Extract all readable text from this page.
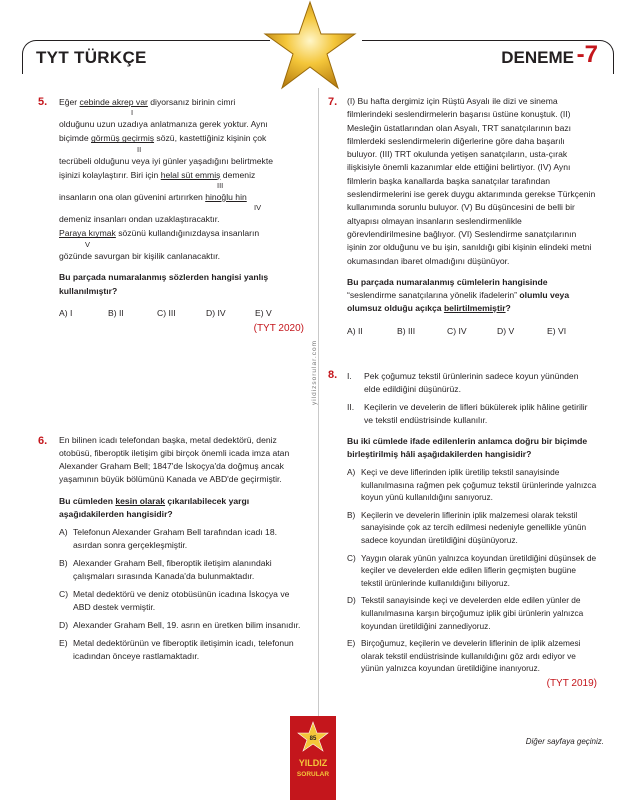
TYT TÜRKÇE	DENEME -7
yildizsorular.com
5. Eğer cebinde akrep var diyorsanız birinin cimri
I
olduğunu uzun uzadıya anlatmanıza gerek yoktur. Aynı
biçimde görmüş geçirmiş sözü, kastettiğiniz kişinin çok
II
tecrübeli olduğunu veya iyi günler yaşadığını belirtmekte
işinizi kolaylaştırır. Biri için helal süt emmiş demeniz
III
insanların ona olan güvenini artırırken hinoğlu hin
IV
demeniz insanları ondan uzaklaştıracaktır.
Paraya kıymak sözünü kullandığınızdaysa insanların
V
gözünde savurgan bir kişilik canlanacaktır.
Bu parçada numaralanmış sözlerden hangisi yanlış kullanılmıştır?
A) I	B) II	C) III	D) IV	E) V
(TYT 2020)
6. En bilinen icadı telefondan başka, metal dedektörü, deniz otobüsü, fiberoptik iletişim gibi birçok önemli icada imza atan Alexander Graham Bell; 1847'de İskoçya'da doğmuş ancak yaşamının büyük bölümünü Kanada ve ABD'de geçirmiştir.
Bu cümleden kesin olarak çıkarılabilecek yargı aşağıdakilerden hangisidir?
A) Telefonun Alexander Graham Bell tarafından icadı 18. asırdan sonra gerçekleşmiştir.
B) Alexander Graham Bell, fiberoptik iletişim alanındaki çalışmaları sırasında Kanada'da bulunmaktadır.
C) Metal dedektörü ve deniz otobüsünün icadına İskoçya ve ABD destek vermiştir.
D) Alexander Graham Bell, 19. asrın en üretken bilim insanıdır.
E) Metal dedektörünün ve fiberoptik iletişimin icadı, telefonun icadından önceye rastlamaktadır.
7. (I) Bu hafta dergimiz için Rüştü Asyalı ile dizi ve sinema filmlerindeki seslendirmelerin başarısı üstüne konuştuk. (II) Mesleğin üstatlarından olan Asyalı, TRT sanatçılarının bazı filmlerdeki seslendirmelerin diğerlerine göre daha başarılı buluyor. (III) TRT okulunda yetişen sanatçıların, usta-çırak ilişkisiyle önemli kazanımlar elde ettiğini belirtiyor. (IV) Aynı filmlerin başka kanallarda başka sanatçılar tarafından seslendirmelerini ise gerek duygu aktarımında gerekse Türkçenin kullanımında sorunlu buluyor. (V) Bu düşüncesini de belli bir altyapısı olmayan insanların seslendirmenlikle görevlendirilmesine bağlıyor. (VI) Seslendirme sanatçılarının işinin zor olduğunu ve bu işin, sanıldığı gibi kişinin elindeki metni okumasından ibaret olmadığını düşünüyor.
Bu parçada numaralanmış cümlelerin hangisinde “seslendirme sanatçılarına yönelik ifadelerin” olumlu veya olumsuz olduğu açıkça belirtilmemiştir?
A) II	B) III	C) IV	D) V	E) VI
8. I.	Pek çoğumuz tekstil ürünlerinin sadece koyun yününden elde edildiğini düşünürüz.
II.	Keçilerin ve develerin de lifleri bükülerek iplik hâline getirilir ve tekstil endüstrisinde kullanılır.
Bu iki cümlede ifade edilenlerin anlamca doğru bir biçimde birleştirilmiş hâli aşağıdakilerden hangisidir?
A) Keçi ve deve liflerinden iplik üretilip tekstil sanayisinde kullanılmasına rağmen pek çoğumuz tekstil ürünlerinde yalnızca koyun yünü kullanıldığını sanıyoruz.
B) Keçilerin ve develerin liflerinin iplik malzemesi olarak tekstil sanayisinde çok az tercih edilmesi nedeniyle genellikle yünün sadece koyundan üretildiğini düşünüyoruz.
C) Yaygın olarak yünün yalnızca koyundan üretildiğini düşünsek de keçiler ve develerden elde edilen liflerin geçmişten bugüne tekstil ürünlerinde kullanıldığını biliyoruz.
D) Tekstil sanayisinde keçi ve develerden elde edilen yünler de kullanılmasına karşın birçoğumuz iplik gibi ürünlerin yalnızca koyundan üretildiğini zannediyoruz.
E) Birçoğumuz, keçilerin ve develerin liflerinin de iplik alzemesi olarak tekstil endüstrisinde kullanıldığını göz ardı ediyor ve yünün yalnızca koyundan üretildiğine inanıyoruz.
(TYT 2019)
Diğer sayfaya geçiniz.
85
YILDIZ
SORULAR
